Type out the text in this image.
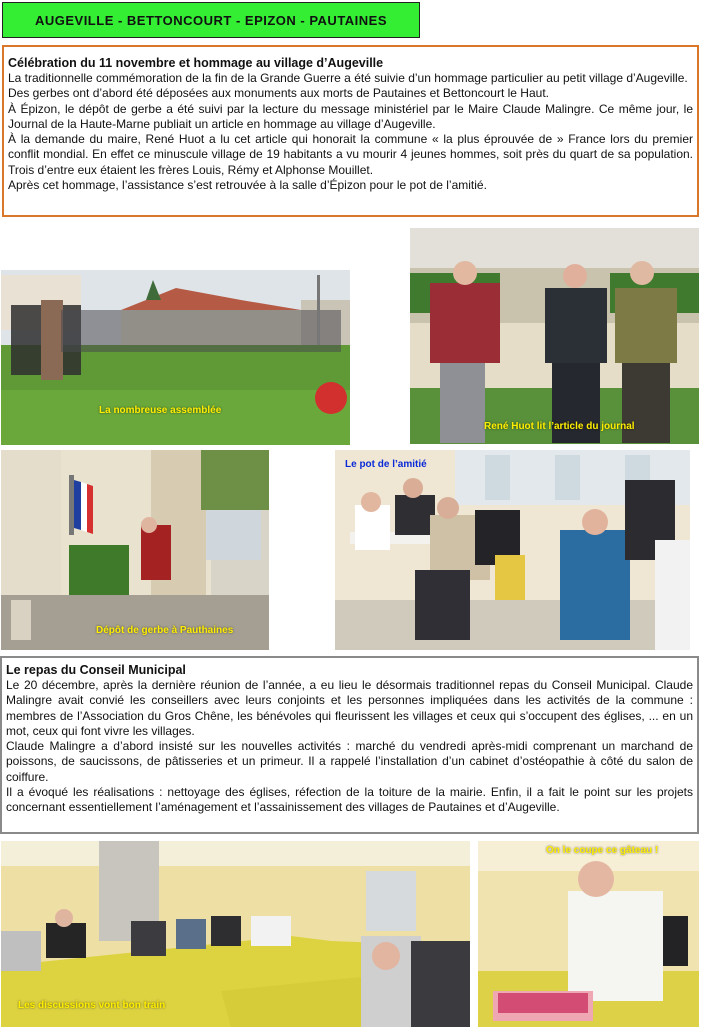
AUGEVILLE - BETTONCOURT - EPIZON - PAUTAINES
Célébration du 11 novembre et hommage au village d’Augeville

La traditionnelle commémoration de la fin de la Grande Guerre a été suivie d’un hommage particulier au petit village d’Augeville.

Des gerbes ont d’abord été déposées aux monuments aux morts de Pautaines et Bettoncourt le Haut.

À Épizon, le dépôt de gerbe a été suivi par la lecture du message ministériel par le Maire Claude Malingre. Ce même jour, le Journal de la Haute-Marne publiait un article en hommage au village d’Augeville.

À la demande du maire, René Huot a lu cet article qui honorait la commune « la plus éprouvée de » France lors du premier conflit mondial. En effet ce minuscule village de 19 habitants a vu mourir 4 jeunes hommes, soit près du quart de sa population. Trois d’entre eux étaient les frères Louis, Rémy et Alphonse Mouillet.

Après cet hommage, l’assistance s’est retrouvée à la salle d’Épizon pour le pot de l’amitié.

La nombreuse assemblée
René Huot lit l’article du journal
Dépôt de gerbe à Pauthaines
Le pot de l’amitié
Le repas du Conseil Municipal

Le 20 décembre, après la dernière réunion de l’année, a eu lieu le désormais traditionnel repas du Conseil Municipal. Claude Malingre avait convié les conseillers avec leurs conjoints et les personnes impliquées dans les activités de la commune : membres de l’Association du Gros Chêne, les bénévoles qui fleurissent les villages et ceux qui s’occupent des églises, ... en un mot, ceux qui font vivre les villages.

Claude Malingre a d’abord insisté sur les nouvelles activités : marché du vendredi après-midi comprenant un marchand de poissons, de saucissons, de pâtisseries et un primeur. Il a rappelé l’installation d’un cabinet d’ostéopathie à côté du salon de coiffure.

Il a évoqué les réalisations : nettoyage des églises, réfection de la toiture de la mairie. Enfin, il a fait le point sur les projets concernant essentiellement l’aménagement et l’assainissement des villages de Pautaines et d’Augeville.

Les discussions vont bon train
On le coupe ce gâteau !
